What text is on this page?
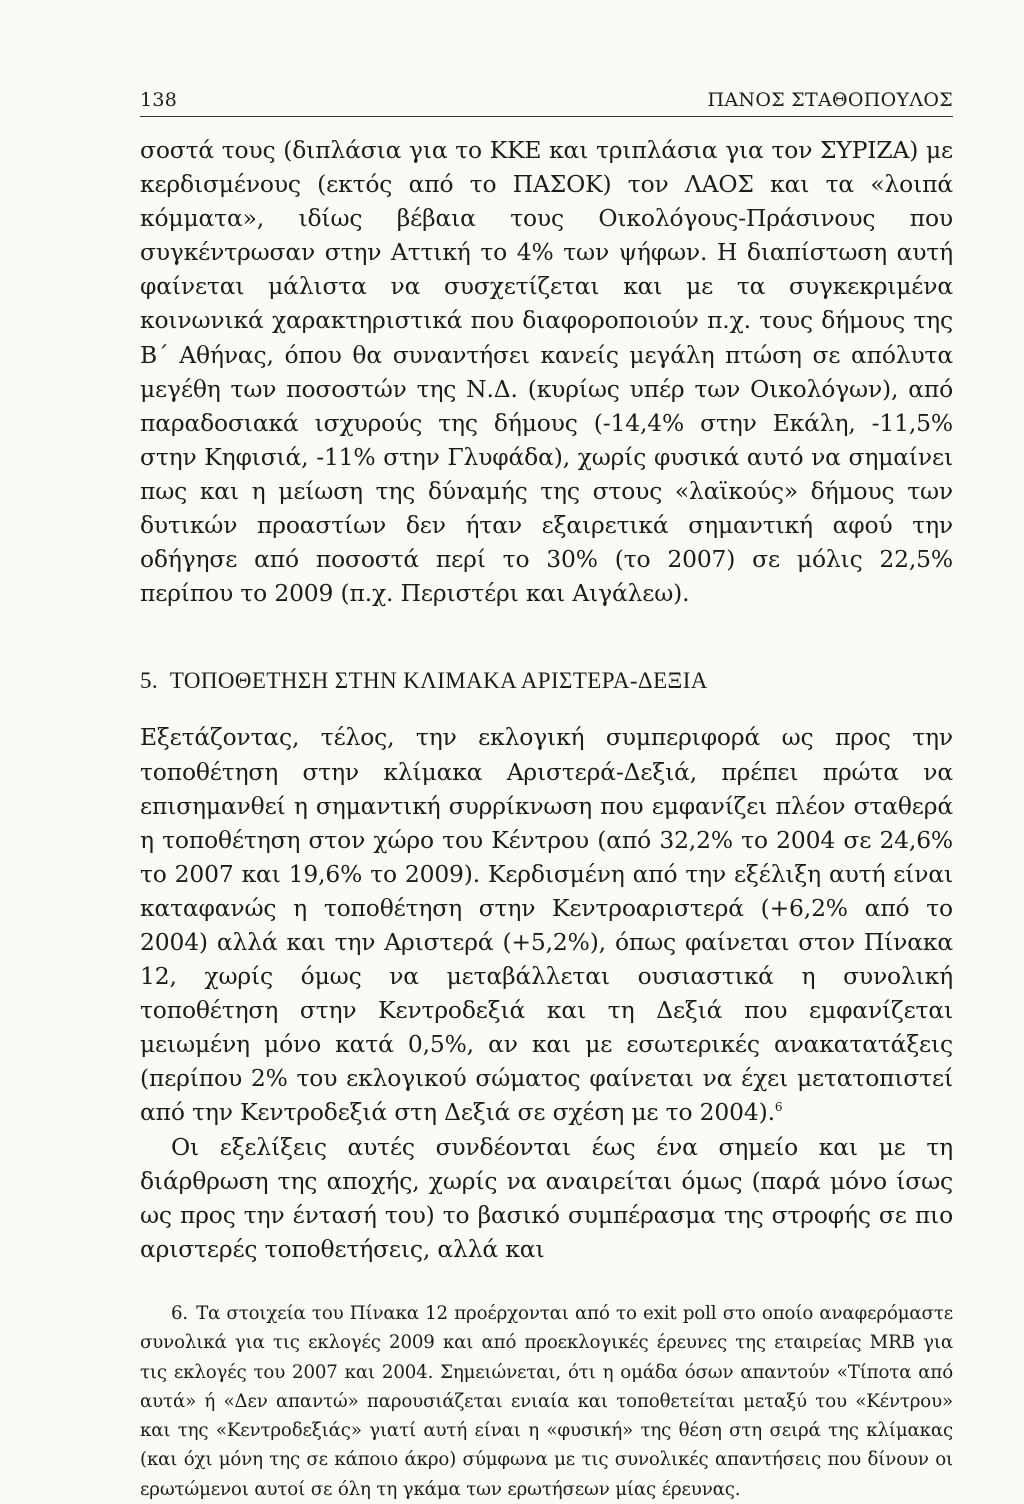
138	ΠΑΝΟΣ ΣΤΑΘΟΠΟΥΛΟΣ

σοστά τους (διπλάσια για το ΚΚΕ και τριπλάσια για τον ΣΥΡΙΖΑ) με κερδισμένους (εκτός από το ΠΑΣΟΚ) τον ΛΑΟΣ και τα «λοιπά κόμματα», ιδίως βέβαια τους Οικολόγους-Πράσινους που συγκέντρωσαν στην Αττική το 4% των ψήφων. Η διαπίστωση αυτή φαίνεται μάλιστα να συσχετίζεται και με τα συγκεκριμένα κοινωνικά χαρακτηριστικά που διαφοροποιούν π.χ. τους δήμους της Β΄ Αθήνας, όπου θα συναντήσει κανείς μεγάλη πτώση σε απόλυτα μεγέθη των ποσοστών της Ν.Δ. (κυρίως υπέρ των Οικολόγων), από παραδοσιακά ισχυρούς της δήμους (-14,4% στην Εκάλη, -11,5% στην Κηφισιά, -11% στην Γλυφάδα), χωρίς φυσικά αυτό να σημαίνει πως και η μείωση της δύναμής της στους «λαϊκούς» δήμους των δυτικών προαστίων δεν ήταν εξαιρετικά σημαντική αφού την οδήγησε από ποσοστά περί το 30% (το 2007) σε μόλις 22,5% περίπου το 2009 (π.χ. Περιστέρι και Αιγάλεω).

5. ΤΟΠΟΘΕΤΗΣΗ ΣΤΗΝ ΚΛΙΜΑΚΑ ΑΡΙΣΤΕΡΑ-ΔΕΞΙΑ

Εξετάζοντας, τέλος, την εκλογική συμπεριφορά ως προς την τοποθέτηση στην κλίμακα Αριστερά-Δεξιά, πρέπει πρώτα να επισημανθεί η σημαντική συρρίκνωση που εμφανίζει πλέον σταθερά η τοποθέτηση στον χώρο του Κέντρου (από 32,2% το 2004 σε 24,6% το 2007 και 19,6% το 2009). Κερδισμένη από την εξέλιξη αυτή είναι καταφανώς η τοποθέτηση στην Κεντροαριστερά (+6,2% από το 2004) αλλά και την Αριστερά (+5,2%), όπως φαίνεται στον Πίνακα 12, χωρίς όμως να μεταβάλλεται ουσιαστικά η συνολική τοποθέτηση στην Κεντροδεξιά και τη Δεξιά που εμφανίζεται μειωμένη μόνο κατά 0,5%, αν και με εσωτερικές ανακατατάξεις (περίπου 2% του εκλογικού σώματος φαίνεται να έχει μετατοπιστεί από την Κεντροδεξιά στη Δεξιά σε σχέση με το 2004).$^6$

Οι εξελίξεις αυτές συνδέονται έως ένα σημείο και με τη διάρθρωση της αποχής, χωρίς να αναιρείται όμως (παρά μόνο ίσως ως προς την έντασή του) το βασικό συμπέρασμα της στροφής σε πιο αριστερές τοποθετήσεις, αλλά και

6. Τα στοιχεία του Πίνακα 12 προέρχονται από το exit poll στο οποίο αναφερόμαστε συνολικά για τις εκλογές 2009 και από προεκλογικές έρευνες της εταιρείας MRB για τις εκλογές του 2007 και 2004. Σημειώνεται, ότι η ομάδα όσων απαντούν «Τίποτα από αυτά» ή «Δεν απαντώ» παρουσιάζεται ενιαία και τοποθετείται μεταξύ του «Κέντρου» και της «Κεντροδεξιάς» γιατί αυτή είναι η «φυσική» της θέση στη σειρά της κλίμακας (και όχι μόνη της σε κάποιο άκρο) σύμφωνα με τις συνολικές απαντήσεις που δίνουν οι ερωτώμενοι αυτοί σε όλη τη γκάμα των ερωτήσεων μίας έρευνας.
